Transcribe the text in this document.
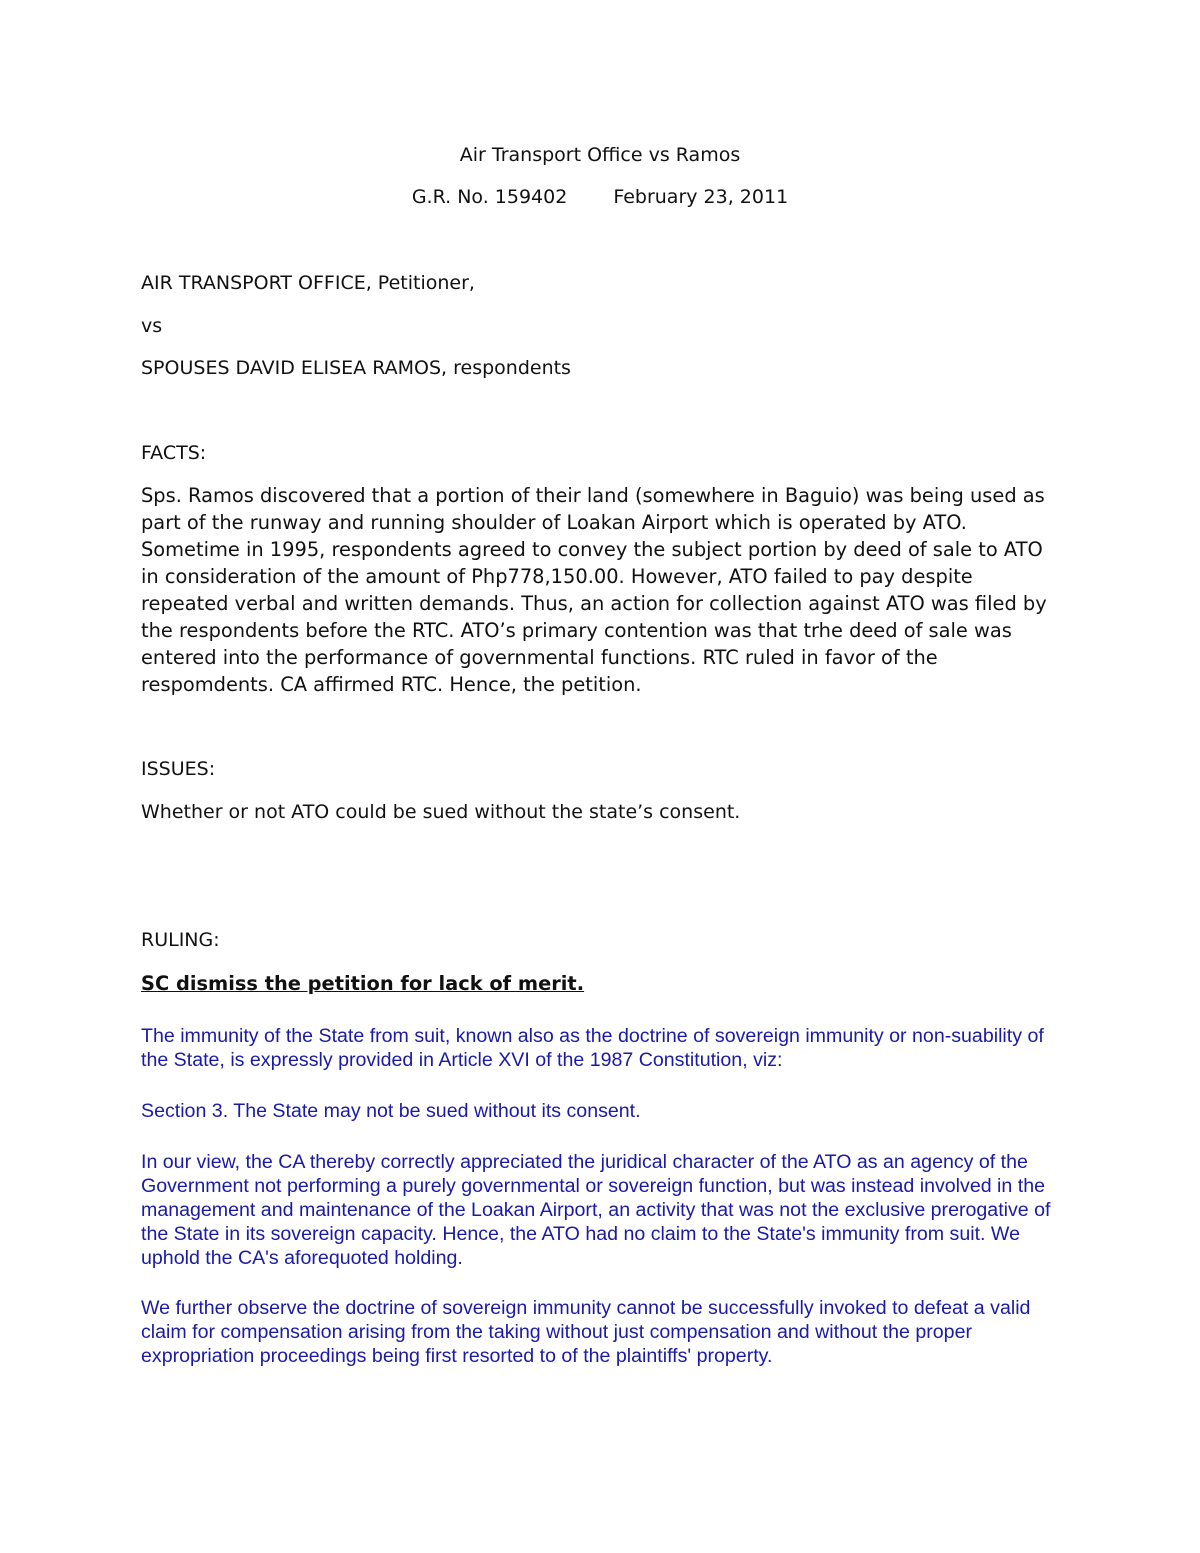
Air Transport Office vs Ramos
G.R. No. 159402 February 23, 2011
AIR TRANSPORT OFFICE, Petitioner,
vs
SPOUSES DAVID ELISEA RAMOS, respondents
FACTS:
Sps. Ramos discovered that a portion of their land (somewhere in Baguio) was being used as part of the runway and running shoulder of Loakan Airport which is operated by ATO. Sometime in 1995, respondents agreed to convey the subject portion by deed of sale to ATO in consideration of the amount of Php778,150.00. However, ATO failed to pay despite repeated verbal and written demands. Thus, an action for collection against ATO was filed by the respondents before the RTC. ATO’s primary contention was that trhe deed of sale was entered into the performance of governmental functions. RTC ruled in favor of the respomdents. CA affirmed RTC. Hence, the petition.
ISSUES:
Whether or not ATO could be sued without the state’s consent.
RULING:
SC dismiss the petition for lack of merit.
The immunity of the State from suit, known also as the doctrine of sovereign immunity or non-suability of the State, is expressly provided in Article XVI of the 1987 Constitution, viz:
Section 3. The State may not be sued without its consent.
In our view, the CA thereby correctly appreciated the juridical character of the ATO as an agency of the Government not performing a purely governmental or sovereign function, but was instead involved in the management and maintenance of the Loakan Airport, an activity that was not the exclusive prerogative of the State in its sovereign capacity. Hence, the ATO had no claim to the State's immunity from suit. We uphold the CA's aforequoted holding.
We further observe the doctrine of sovereign immunity cannot be successfully invoked to defeat a valid claim for compensation arising from the taking without just compensation and without the proper expropriation proceedings being first resorted to of the plaintiffs' property.
